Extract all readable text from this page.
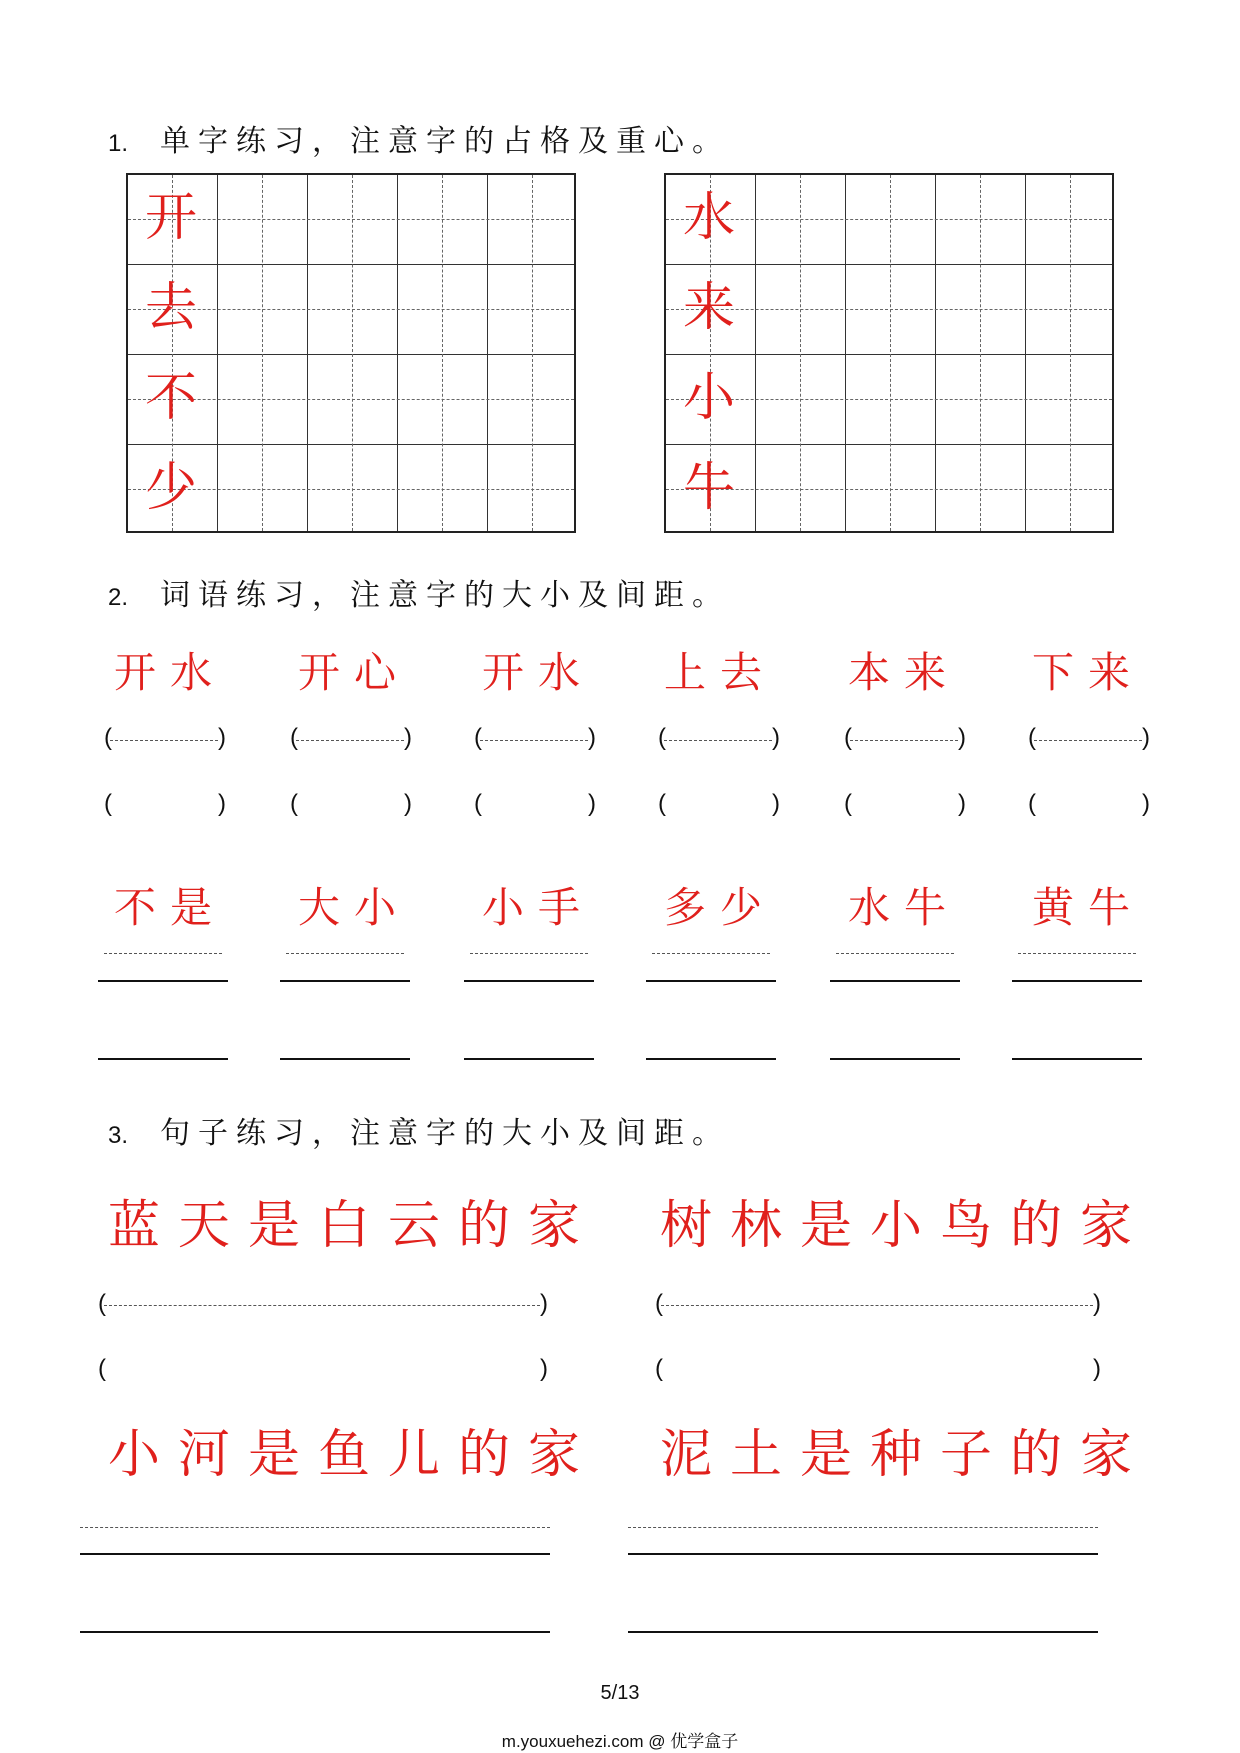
1. 单字练习，注意字的占格及重心。
开
去
不
少
水
来
小
牛
2. 词语练习，注意字的大小及间距。
开水 开心 开水 上去 本来 下来
(	)	(	)	(	)	(	)	(	)	(	)
(	)	(	)	(	)	(	)	(	)	(	)
不是 大小 小手 多少 水牛 黄牛
3. 句子练习，注意字的大小及间距。
蓝天是白云的家 树林是小鸟的家
小河是鱼儿的家 泥土是种子的家
(	)
(	)
(	)
(	)
5/13
m.youxuehezi.com @ 优学盒子
